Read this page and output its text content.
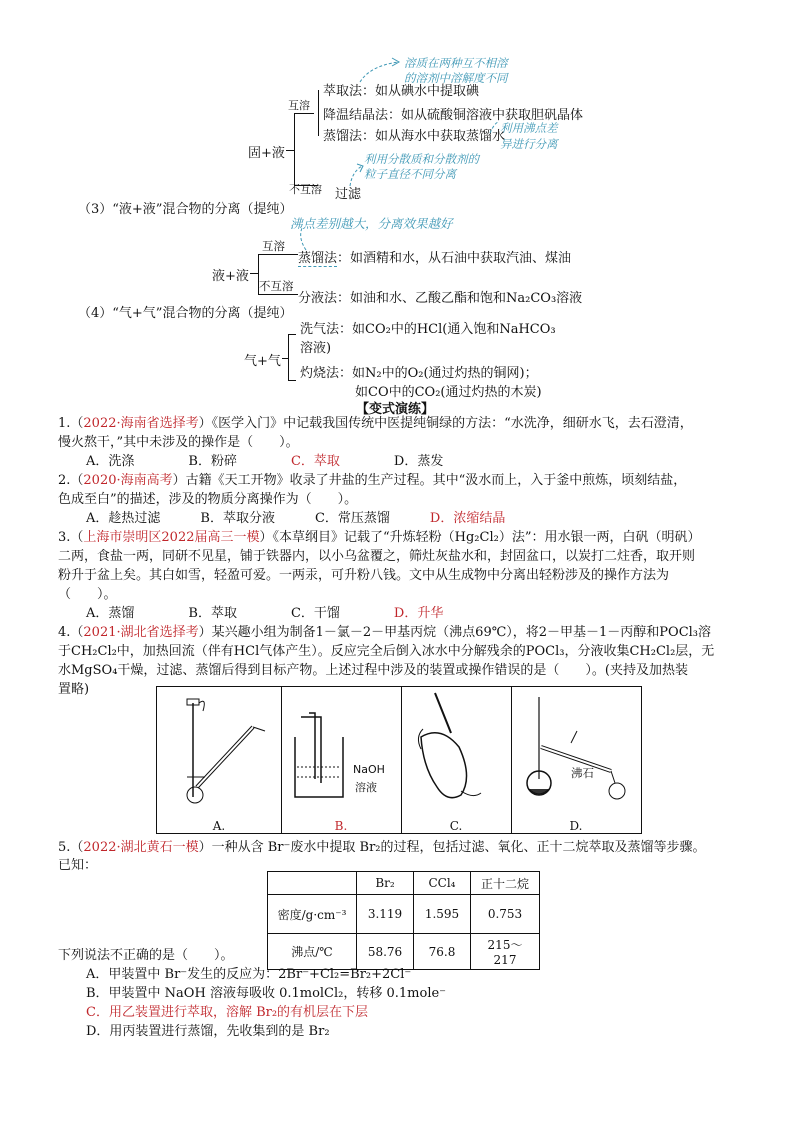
固+液
互溶
不互溶
萃取法：如从碘水中提取碘
降温结晶法：如从硫酸铜溶液中获取胆矾晶体
蒸馏法：如从海水中获取蒸馏水
过滤
溶质在两种互不相溶
的溶剂中溶解度不同
利用沸点差
异进行分离
利用分散质和分散剂的
粒子直径不同分离
（3）“液+液”混合物的分离（提纯）
沸点差别越大，分离效果越好
液+液
互溶
不互溶
蒸馏法：如酒精和水，从石油中获取汽油、煤油
分液法：如油和水、乙酸乙酯和饱和Na₂CO₃溶液
（4）“气+气”混合物的分离（提纯）
气+气
洗气法：如CO₂中的HCl(通入饱和NaHCO₃
溶液)
灼烧法：如N₂中的O₂(通过灼热的铜网)；
如CO中的CO₂(通过灼热的木炭)
【变式演练】
1.（2022·海南省选择考）《医学入门》中记载我国传统中医提纯铜绿的方法：“水洗净，细研水飞，去石澄清，
慢火熬干，”其中未涉及的操作是（　　）。
A．洗涤	B．粉碎	C．萃取	D．蒸发
2.（2020·海南高考）古籍《天工开物》收录了井盐的生产过程。其中“汲水而上，入于釜中煎炼，顷刻结盐，
色成至白”的描述，涉及的物质分离操作为（　　）。
A．趁热过滤	B．萃取分液	C．常压蒸馏	D．浓缩结晶
3.（上海市崇明区2022届高三一模）《本草纲目》记载了“升炼轻粉（Hg₂Cl₂）法”：用水银一两，白矾（明矾）
二两，食盐一两，同研不见星，铺于铁器内，以小乌盆覆之，筛灶灰盐水和，封固盆口，以炭打二炷香，取开则
粉升于盆上矣。其白如雪，轻盈可爱。一两汞，可升粉八钱。文中从生成物中分离出轻粉涉及的操作方法为
（　　）。
A．蒸馏	B．萃取	C．干馏	D．升华
4.（2021·湖北省选择考）某兴趣小组为制备1－氯－2－甲基丙烷（沸点69℃），将2－甲基－1－丙醇和POCl₃溶
于CH₂Cl₂中，加热回流（伴有HCl气体产生）。反应完全后倒入冰水中分解残余的POCl₃，分液收集CH₂Cl₂层，无
水MgSO₄干燥，过滤、蒸馏后得到目标产物。上述过程中涉及的装置或操作错误的是（　　）。(夹持及加热装
置略)
A.
NaOH
溶液
B.	C.
沸石
D.
5.（2022·湖北黄石一模）一种从含 Br⁻废水中提取 Br₂的过程，包括过滤、氧化、正十二烷萃取及蒸馏等步骤。
已知：
	Br₂	CCl₄	正十二烷
密度/g·cm⁻³	3.119	1.595	0.753
沸点/℃	58.76	76.8	215～217
下列说法不正确的是（　　）。
A．甲装置中 Br⁻发生的反应为：2Br⁻+Cl₂=Br₂+2Cl⁻
B．甲装置中 NaOH 溶液每吸收 0.1molCl₂，转移 0.1mole⁻
C．用乙装置进行萃取，溶解 Br₂的有机层在下层
D．用丙装置进行蒸馏，先收集到的是 Br₂
